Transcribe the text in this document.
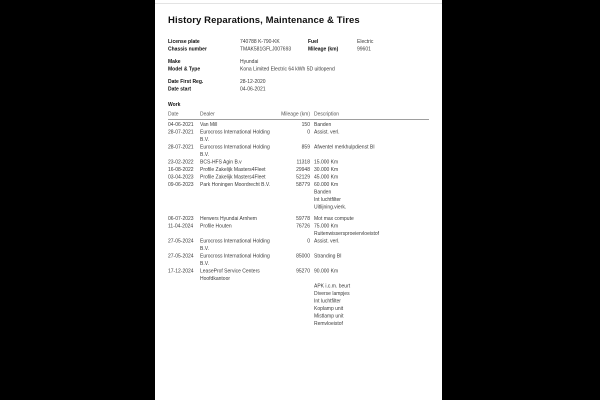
History Reparations, Maintenance & Tires
License plate	740788 K-790-KK	Fuel	Electric
Chassis number	TMAK581GFLJ007693	Mileage (km)	99601
Make	Hyundai
Model & Type	Kona Limited Electric 64 kWh 5D uitlopend
Date First Reg.	28-12-2020
Date start	04-06-2021
Work
Date	Dealer	Mileage (km)	Description
04-06-2021	Van Mill	150	Banden

28-07-2021	Eurocross International Holding B.V.	0	Assist. verl.

28-07-2021	Eurocross International Holding B.V.	859	Afwentel merkhulpdienst BI

23-02-2022	BCS-HFS Agin B.v	11318	15.000 Km

16-08-2022	Profile Zakelijk Masters4Fleet	29948	30.000 Km

03-04-2023	Profile Zakelijk Masters4Fleet	52129	45.000 Km

09-06-2023	Park Honingen Moordrecht B.V.	58779	60.000 Km
Banden
Int luchtfilter
Uitlijning.vierk.

06-07-2023	Herwers Hyundai Arnhem	59778	Mot max compute

11-04-2024	Profile Houten	76726	75.000 Km
Ruitenwissersproeiervloeistof

27-05-2024	Eurocross International Holding B.V.	0	Assist. verl.

27-05-2024	Eurocross International Holding B.V.	85000	Stranding BI

17-12-2024	LeaseProf Service Centers Hoofdkantoor	95270	90.000 Km

APK i.c.m. beurt
Diverse lampjes
Int luchtfilter
Koplamp unit
Mistlamp unit
Remvloeistof
